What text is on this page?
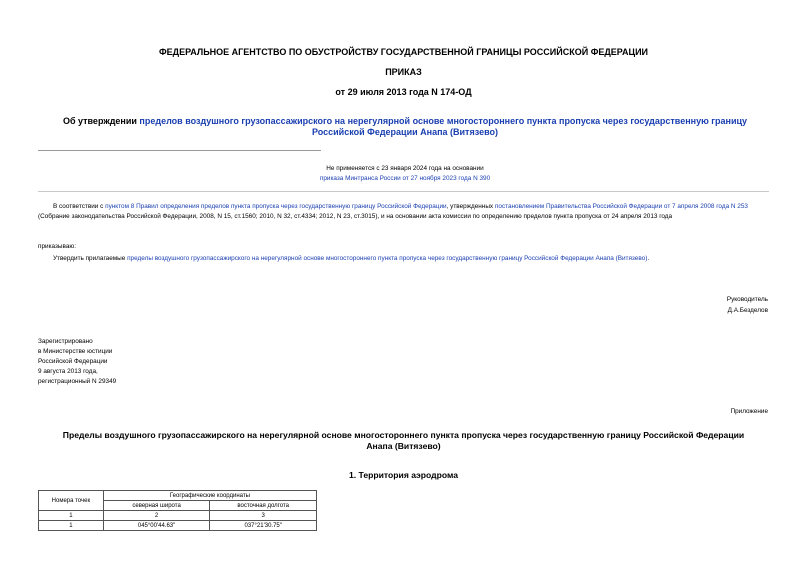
ФЕДЕРАЛЬНОЕ АГЕНТСТВО ПО ОБУСТРОЙСТВУ ГОСУДАРСТВЕННОЙ ГРАНИЦЫ РОССИЙСКОЙ ФЕДЕРАЦИИ
ПРИКАЗ
от 29 июля 2013 года N 174-ОД
Об утверждении пределов воздушного грузопассажирского на нерегулярной основе многостороннего пункта пропуска через государственную границу Российской Федерации Анапа (Витязево)
Не применяется с 23 января 2024 года на основании
приказа Минтранса России от 27 ноября 2023 года N 390
В соответствии с пунктом 8 Правил определения пределов пункта пропуска через государственную границу Российской Федерации, утвержденных постановлением Правительства Российской Федерации от 7 апреля 2008 года N 253 (Собрание законодательства Российской Федерации, 2008, N 15, ст.1560; 2010, N 32, ст.4334; 2012, N 23, ст.3015), и на основании акта комиссии по определению пределов пункта пропуска от 24 апреля 2013 года
приказываю:
Утвердить прилагаемые пределы воздушного грузопассажирского на нерегулярной основе многостороннего пункта пропуска через государственную границу Российской Федерации Анапа (Витязево).
Руководитель
Д.А.Безделов
Зарегистрировано
в Министерстве юстиции
Российской Федерации
9 августа 2013 года,
регистрационный N 29349
Приложение
Пределы воздушного грузопассажирского на нерегулярной основе многостороннего пункта пропуска через государственную границу Российской Федерации
Анапа (Витязево)
1. Территория аэродрома
Номера точек	Географические координаты	
	северная широта	восточная долгота
1	2	3
1	045°00'44.63"	037°21'30.75"
